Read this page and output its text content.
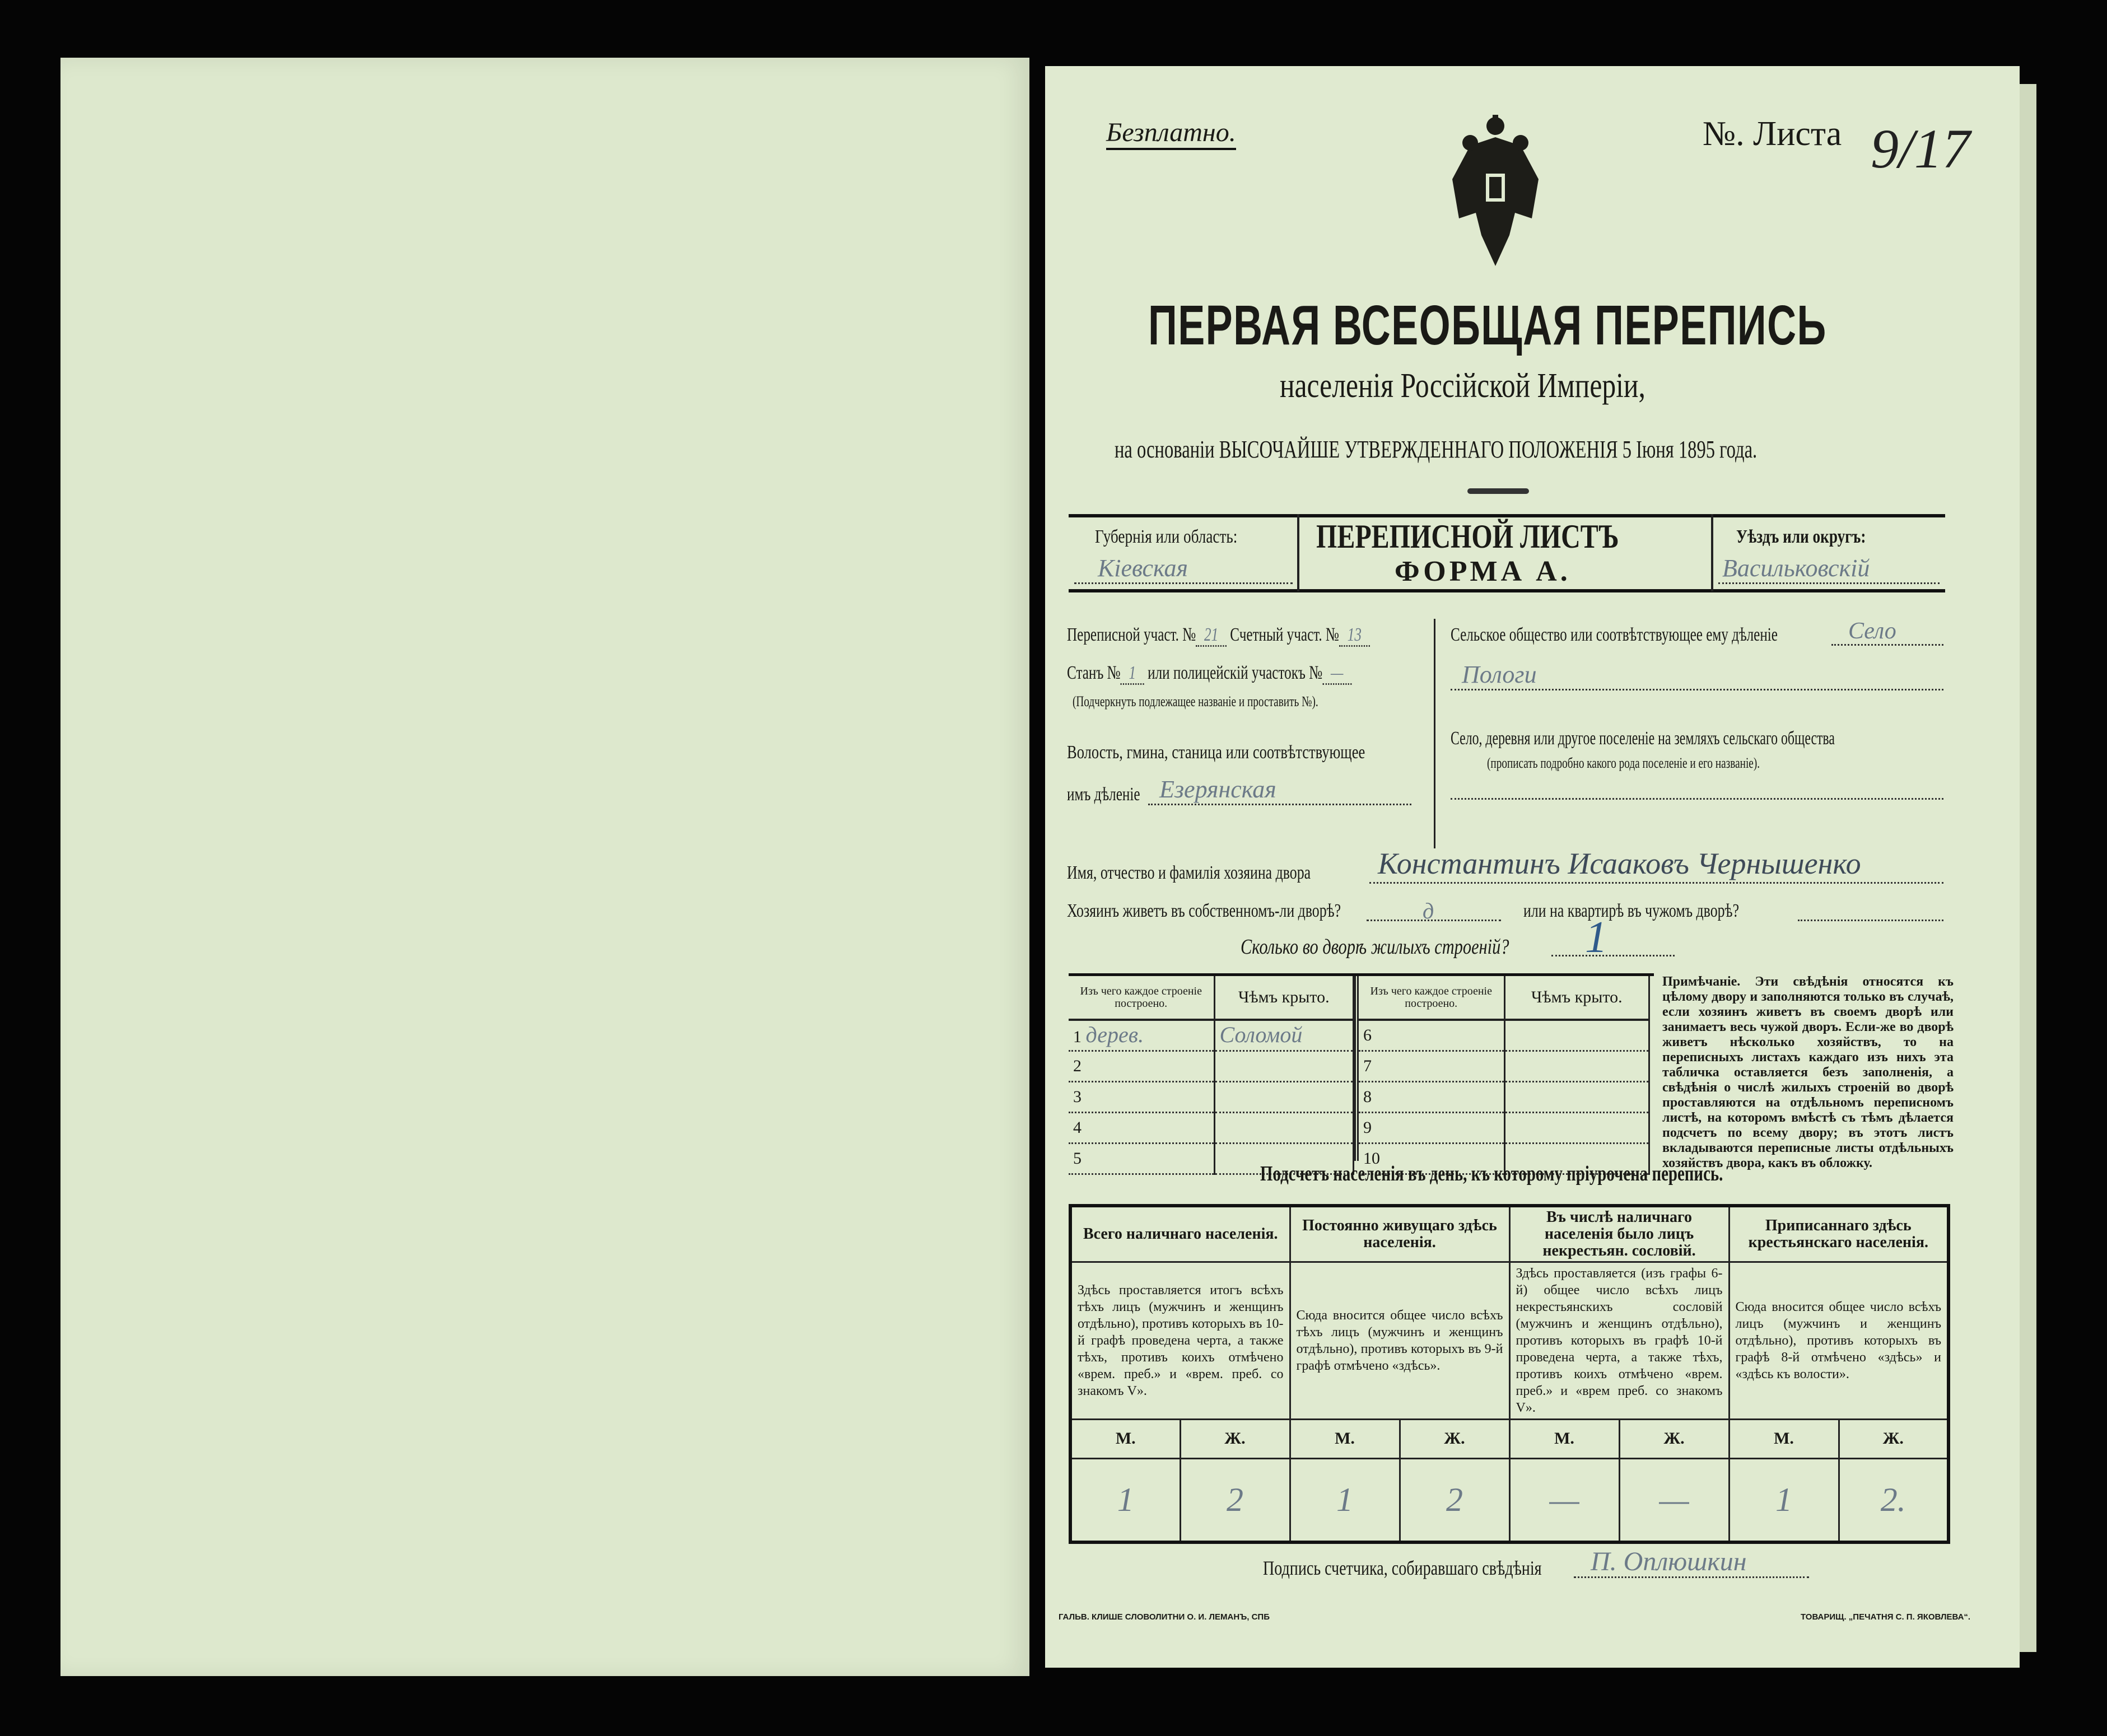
Безплатно.	№. Листа 9/17
ПЕРВАЯ ВСЕОБЩАЯ ПЕРЕПИСЬ
населенія Россійской Имперіи,
на основаніи ВЫСОЧАЙШЕ УТВЕРЖДЕННАГО ПОЛОЖЕНІЯ 5 Іюня 1895 года.
Губернія или область:
Кіевская
ПЕРЕПИСНОЙ ЛИСТЪ
ФОРМА А.
Уѣздъ или округъ:
Васильковскій
Переписной участ. № 21 Счетный участ. № 13
Станъ № 1 или полицейскій участокъ № —
(Подчеркнуть подлежащее названіе и проставить №).
Волость, гмина, станица или соотвѣтствующее
имъ дѣленіе Езерянская
Сельское общество или соотвѣтствующее ему дѣленіе	Село
Пологи
Село, деревня или другое поселеніе на земляхъ сельскаго общества
(прописать подробно какого рода поселеніе и его названіе).
Имя, отчество и фамилія хозяина двора	Константинъ Исааковъ Чернышенко
Хозяинъ живетъ въ собственномъ-ли дворѣ?	д	или на квартирѣ въ чужомъ дворѣ?
Сколько во дворѣ жилыхъ строеній?	1
Изъ чего каждое строеніе построено.	Чѣмъ крыто.
1 дерев.	Соломой
2	
3	
4	
5	
Изъ чего каждое строеніе построено.	Чѣмъ крыто.
6	
7	
8	
9	
10	
Примѣчаніе. Эти свѣдѣнія относятся къ цѣлому двору и заполняются только въ случаѣ, если хозяинъ живетъ въ своемъ дворѣ или занимаетъ весь чужой дворъ. Если-же во дворѣ живетъ нѣсколько хозяйствъ, то на переписныхъ листахъ каждаго изъ нихъ эта табличка оставляется безъ заполненія, а свѣдѣнія о числѣ жилыхъ строеній во дворѣ проставляются на отдѣльномъ переписномъ листѣ, на которомъ вмѣстѣ съ тѣмъ дѣлается подсчетъ по всему двору; въ этотъ листъ вкладываются переписные листы отдѣльныхъ хозяйствъ двора, какъ въ обложку.
Подсчетъ населенія въ день, къ которому пріурочена перепись.
Всего наличнаго населенія.		Постоянно живущаго здѣсь населенія.		Въ числѣ наличнаго населенія было лицъ некрестьян. сословій.		Приписаннаго здѣсь крестьянскаго населенія.	
Здѣсь проставляется итогъ всѣхъ тѣхъ лицъ (мужчинъ и женщинъ отдѣльно), противъ которыхъ въ 10-й графѣ проведена черта, а также тѣхъ, противъ коихъ отмѣчено «врем. преб.» и «врем. преб. со знакомъ V».		Сюда вносится общее число всѣхъ тѣхъ лицъ (мужчинъ и женщинъ отдѣльно), противъ которыхъ въ 9-й графѣ отмѣчено «здѣсь».		Здѣсь проставляется (изъ графы 6-й) общее число всѣхъ лицъ некрестьянскихъ сословій (мужчинъ и женщинъ отдѣльно), противъ которыхъ въ графѣ 10-й проведена черта, а также тѣхъ, противъ коихъ отмѣчено «врем. преб.» и «врем преб. со знакомъ V».		Сюда вносится общее число всѣхъ лицъ (мужчинъ и женщинъ отдѣльно), противъ которыхъ въ графѣ 8-й отмѣчено «здѣсь» и «здѣсь къ волости».	
М.	Ж.	М.	Ж.	М.	Ж.	М.	Ж.
1	2	1	2	—	—	1	2.
Подпись счетчика, собиравшаго свѣдѣнія	П. Оплюшкин
ГАЛЬВ. КЛИШЕ СЛОВОЛИТНИ О. И. ЛЕМАНЪ, СПБ	ТОВАРИЩ. „ПЕЧАТНЯ С. П. ЯКОВЛЕВА“.
